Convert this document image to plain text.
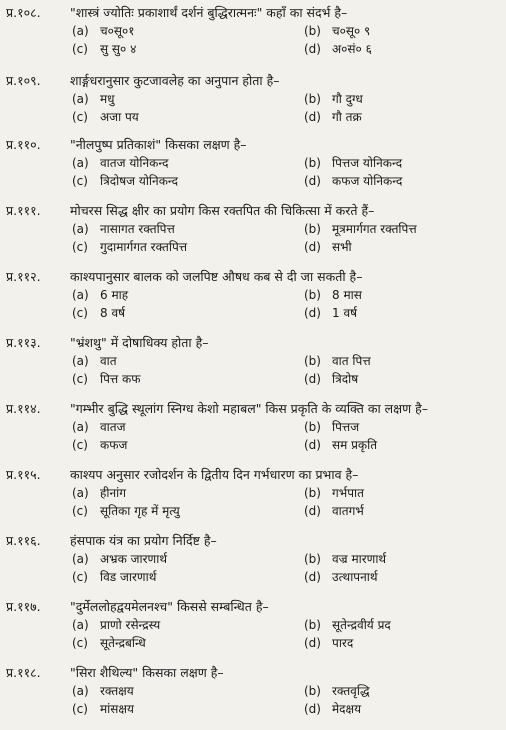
प्र.१०८. "शास्त्रं ज्योतिः प्रकाशार्थं दर्शनं बुद्धिरात्मनः" कहाँ का संदर्भ है–
(a) च०सू०१	(b) च०सू० ९
(c) सु सु० ४	(d) अ०सं० ६
प्र.१०९. शार्ङ्गधरानुसार कुटजावलेह का अनुपान होता है–
(a) मधु	(b) गौ दुग्ध
(c) अजा पय	(d) गौ तक्र
प्र.११०. "नीलपुष्प प्रतिकाशं" किसका लक्षण है–
(a) वातज योनिकन्द	(b) पित्तज योनिकन्द
(c) त्रिदोषज योनिकन्द	(d) कफज योनिकन्द
प्र.१११. मोचरस सिद्ध क्षीर का प्रयोग किस रक्तपित की चिकित्सा में करते हैं–
(a) नासागत रक्तपित्त	(b) मूत्रमार्गगत रक्तपित्त
(c) गुदामार्गगत रक्तपित्त	(d) सभी
प्र.११२. काश्यपानुसार बालक को जलपिष्ट औषध कब से दी जा सकती है–
(a) 6 माह	(b) 8 मास
(c) 8 वर्ष	(d) 1 वर्ष
प्र.११३. "भ्रंशथु" में दोषाधिक्य होता है–
(a) वात	(b) वात पित्त
(c) पित्त कफ	(d) त्रिदोष
प्र.११४. "गम्भीर बुद्धि स्थूलांग स्निग्ध केशो महाबल" किस प्रकृति के व्यक्ति का लक्षण है–
(a) वातज	(b) पित्तज
(c) कफज	(d) सम प्रकृति
प्र.११५. काश्यप अनुसार रजोदर्शन के द्वितीय दिन गर्भधारण का प्रभाव है–
(a) हीनांग	(b) गर्भपात
(c) सूतिका गृह में मृत्यु	(d) वातगर्भ
प्र.११६. हंसपाक यंत्र का प्रयोग निर्दिष्ट है–
(a) अभ्रक जारणार्थ	(b) वज्र मारणार्थ
(c) विड जारणार्थ	(d) उत्थापनार्थ
प्र.११७. "दुर्मेललोहद्वयमेलनश्च" किससे सम्बन्धित है–
(a) प्राणो रसेन्द्रस्य	(b) सूतेन्द्रवीर्य प्रद
(c) सूतेन्द्रबन्धि	(d) पारद
प्र.११८. "सिरा शैथिल्य" किसका लक्षण है–
(a) रक्तक्षय	(b) रक्तवृद्धि
(c) मांसक्षय	(d) मेदक्षय
